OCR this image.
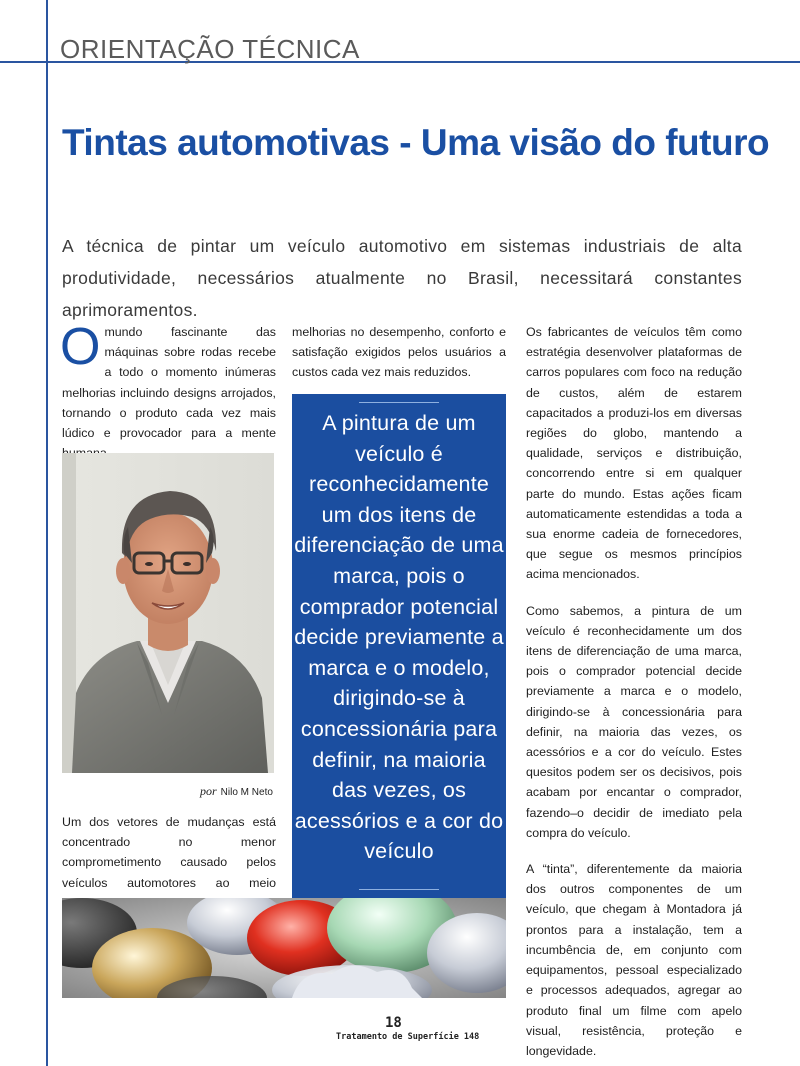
ORIENTAÇÃO TÉCNICA
Tintas automotivas - Uma visão do futuro

A técnica de pintar um veículo automotivo em sistemas industriais de alta produtividade, necessários atualmente no Brasil, necessitará constantes aprimoramentos.

O mundo fascinante das máquinas sobre rodas recebe a todo o momento inúmeras melhorias incluindo designs arrojados, tornando o produto cada vez mais lúdico e provocador para a mente
por Nilo M Neto
Um dos vetores de mudanças está concentrado no menor comprometimento causado pelos veículos automotores ao meio
melhorias no desempenho, conforto e satisfação exigidos pelos usuários a custos cada vez mais reduzidos.
A pintura de um veículo é reconhecidamente um dos itens de diferenciação de uma marca, pois o comprador potencial decide previamente a marca e o modelo, dirigindo-se à concessionária para definir, na maioria das vezes, os acessórios e a cor do veículo

Os fabricantes de veículos têm como estratégia desenvolver plataformas de carros populares com foco na redução de custos, além de estarem capacitados a produzi-los em diversas regiões do globo, mantendo a qualidade, serviços e distribuição, concorrendo entre si em qualquer parte do mundo. Estas ações ficam automaticamente estendidas a toda a sua enorme cadeia de fornecedores, que segue os mesmos princípios acima mencionados.

Como sabemos, a pintura de um veículo é reconhecidamente um dos itens de diferenciação de uma marca, pois o comprador potencial decide previamente a marca e o modelo, dirigindo-se à concessionária para definir, na maioria das vezes, os acessórios e a cor do veículo. Estes quesitos podem ser os decisivos, pois acabam por encantar o comprador, fazendo–o decidir de imediato pela compra do veículo.

A “tinta”, diferentemente da maioria dos outros componentes de um veículo, que chegam à Montadora já prontos para a instalação, tem a incumbência de, em conjunto com equipamentos, pessoal especializado e processos adequados, agregar ao produto final um filme com apelo visual, resistência, proteção e longevidade.

18
Tratamento de Superfície 148
